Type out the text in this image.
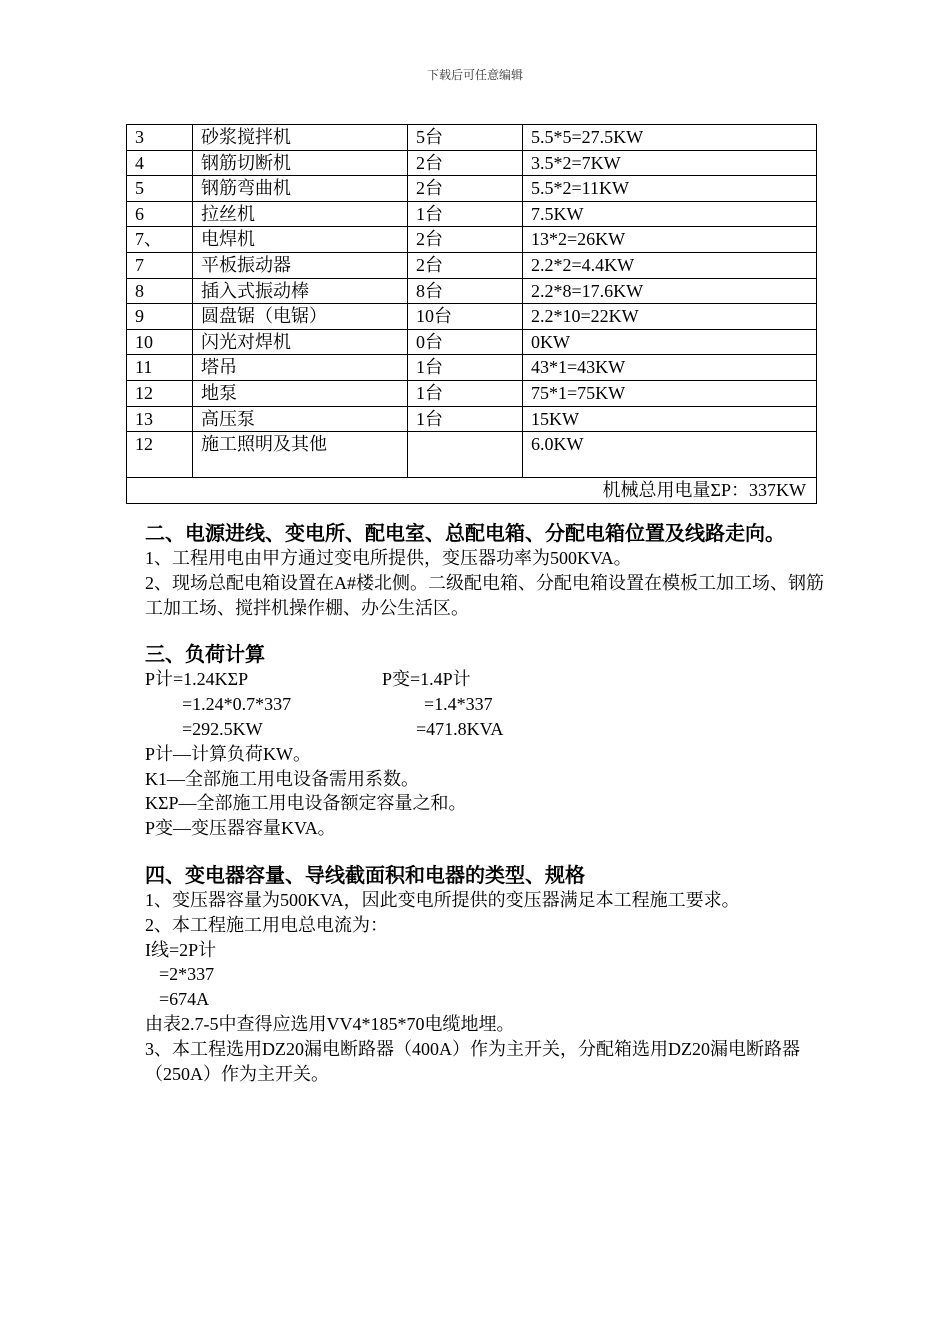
下载后可任意编辑
3	砂浆搅拌机	5台	5.5*5=27.5KW
4	钢筋切断机	2台	3.5*2=7KW
5	钢筋弯曲机	2台	5.5*2=11KW
6	拉丝机	1台	7.5KW
7、	电焊机	2台	13*2=26KW
7	平板振动器	2台	2.2*2=4.4KW
8	插入式振动棒	8台	2.2*8=17.6KW
9	圆盘锯（电锯）	10台	2.2*10=22KW
10	闪光对焊机	0台	0KW
11	塔吊	1台	43*1=43KW
12	地泵	1台	75*1=75KW
13	高压泵	1台	15KW
12	施工照明及其他		6.0KW
机械总用电量ΣP：337KW			

二、电源进线、变电所、配电室、总配电箱、分配电箱位置及线路走向。

1、工程用电由甲方通过变电所提供，变压器功率为500KVA。

2、现场总配电箱设置在A#楼北侧。二级配电箱、分配电箱设置在模板工加工场、钢筋工加工场、搅拌机操作棚、办公生活区。

三、负荷计算

P计=1.24KΣP	P变=1.4P计
=1.24*0.7*337	=1.4*337
=292.5KW	=471.8KVA

P计—计算负荷KW。

K1—全部施工用电设备需用系数。

KΣP—全部施工用电设备额定容量之和。

P变—变压器容量KVA。

四、变电器容量、导线截面积和电器的类型、规格

1、变压器容量为500KVA，因此变电所提供的变压器满足本工程施工要求。

2、本工程施工用电总电流为：

I线=2P计

=2*337

=674A

由表2.7-5中查得应选用VV4*185*70电缆地埋。

3、本工程选用DZ20漏电断路器（400A）作为主开关，分配箱选用DZ20漏电断路器（250A）作为主开关。
